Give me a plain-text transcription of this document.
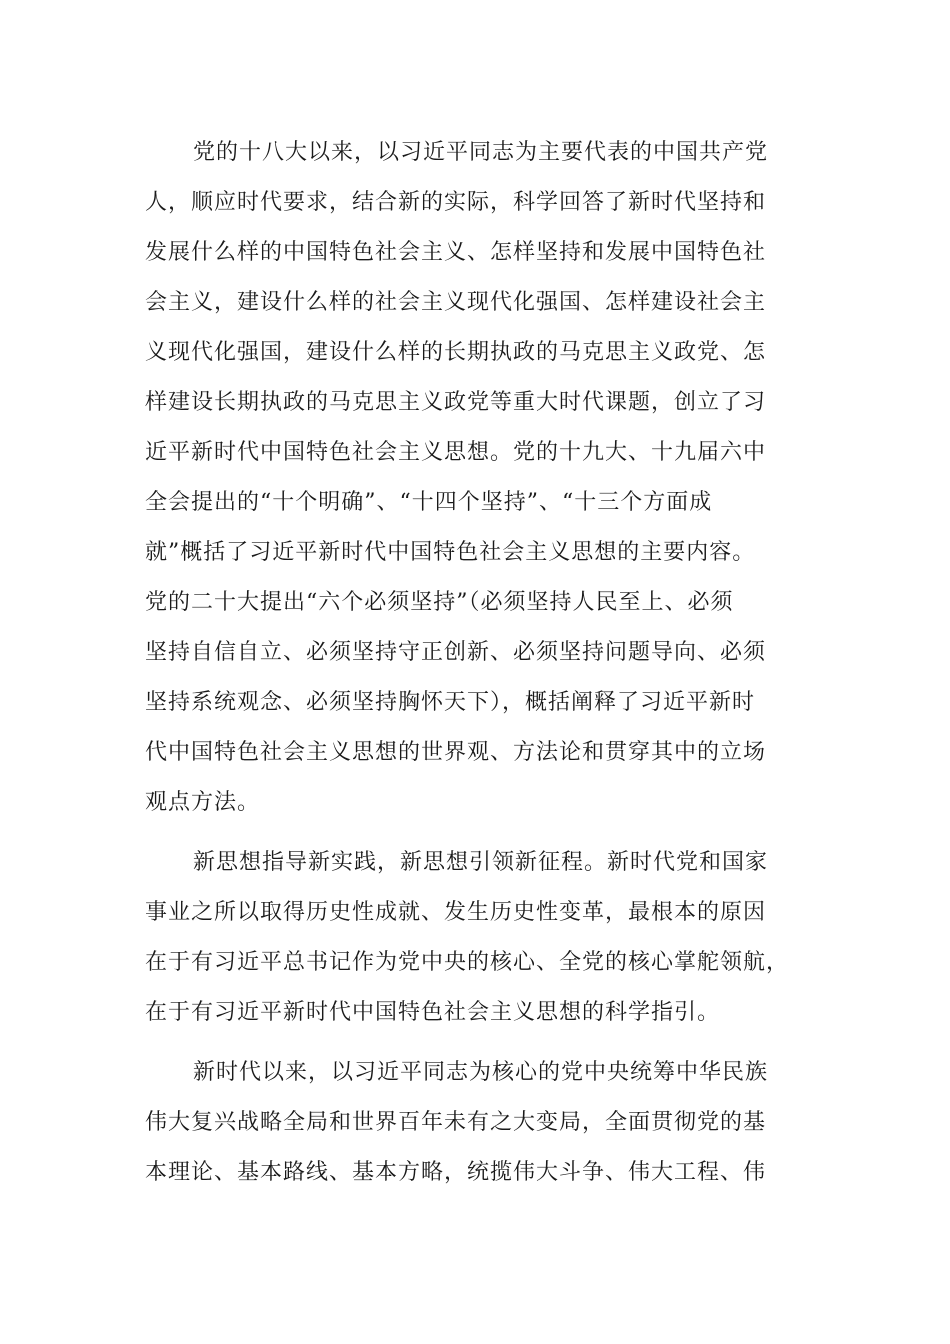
党的十八大以来，以习近平同志为主要代表的中国共产党
人，顺应时代要求，结合新的实际，科学回答了新时代坚持和
发展什么样的中国特色社会主义、怎样坚持和发展中国特色社
会主义，建设什么样的社会主义现代化强国、怎样建设社会主
义现代化强国，建设什么样的长期执政的马克思主义政党、怎
样建设长期执政的马克思主义政党等重大时代课题，创立了习
近平新时代中国特色社会主义思想。党的十九大、十九届六中
全会提出的“十个明确”、“十四个坚持”、“十三个方面成
就”概括了习近平新时代中国特色社会主义思想的主要内容。
党的二十大提出“六个必须坚持”（必须坚持人民至上、必须
坚持自信自立、必须坚持守正创新、必须坚持问题导向、必须
坚持系统观念、必须坚持胸怀天下），概括阐释了习近平新时
代中国特色社会主义思想的世界观、方法论和贯穿其中的立场
观点方法。
新思想指导新实践，新思想引领新征程。新时代党和国家
事业之所以取得历史性成就、发生历史性变革，最根本的原因
在于有习近平总书记作为党中央的核心、全党的核心掌舵领航，
在于有习近平新时代中国特色社会主义思想的科学指引。
新时代以来，以习近平同志为核心的党中央统筹中华民族
伟大复兴战略全局和世界百年未有之大变局，全面贯彻党的基
本理论、基本路线、基本方略，统揽伟大斗争、伟大工程、伟
